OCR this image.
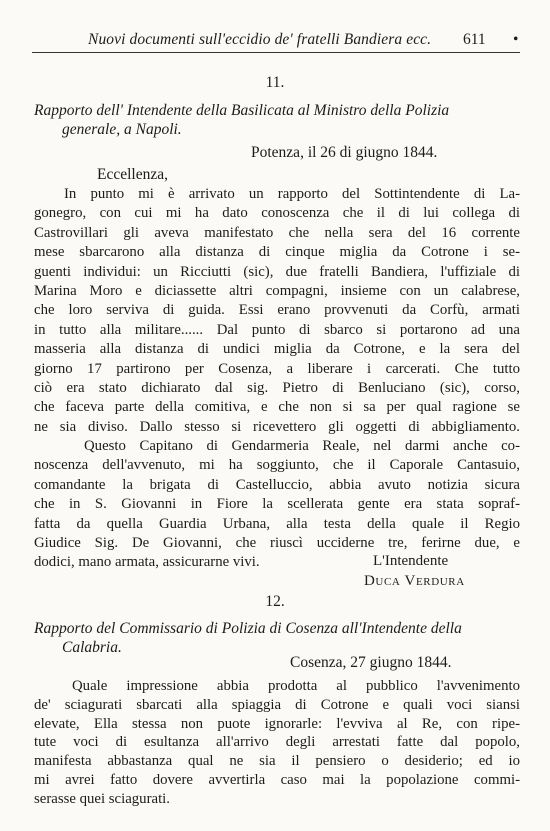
Nuovi documenti sull'eccidio de' fratelli Bandiera ecc. 611 •
11.
Rapporto dell' Intendente della Basilicata al Ministro della Polizia
generale, a Napoli.
Potenza, il 26 di giugno 1844.
Eccellenza,
In punto mi è arrivato un rapporto del Sottintendente di La-
gonegro, con cui mi ha dato conoscenza che il di lui collega di
Castrovillari gli aveva manifestato che nella sera del 16 corrente
mese sbarcarono alla distanza di cinque miglia da Cotrone i se-
guenti individui: un Ricciutti (sic), due fratelli Bandiera, l'uffiziale di
Marina Moro e diciassette altri compagni, insieme con un calabrese,
che loro serviva di guida. Essi erano provvenuti da Corfù, armati
in tutto alla militare...... Dal punto di sbarco si portarono ad una
masseria alla distanza di undici miglia da Cotrone, e la sera del
giorno 17 partirono per Cosenza, a liberare i carcerati. Che tutto
ciò era stato dichiarato dal sig. Pietro di Benluciano (sic), corso,
che faceva parte della comitiva, e che non si sa per qual ragione se
ne sia diviso. Dallo stesso si ricevettero gli oggetti di abbigliamento.
Questo Capitano di Gendarmeria Reale, nel darmi anche co-
noscenza dell'avvenuto, mi ha soggiunto, che il Caporale Cantasuio,
comandante la brigata di Castelluccio, abbia avuto notizia sicura
che in S. Giovanni in Fiore la scellerata gente era stata sopraf-
fatta da quella Guardia Urbana, alla testa della quale il Regio
Giudice Sig. De Giovanni, che riuscì ucciderne tre, ferirne due, e
dodici, mano armata, assicurarne vivi.	L'Intendente
Duca Verdura
12.
Rapporto del Commissario di Polizia di Cosenza all'Intendente della
Calabria.
Cosenza, 27 giugno 1844.
Quale impressione abbia prodotta al pubblico l'avvenimento
de' sciagurati sbarcati alla spiaggia di Cotrone e quali voci siansi
elevate, Ella stessa non puote ignorarle: l'evviva al Re, con ripe-
tute voci di esultanza all'arrivo degli arrestati fatte dal popolo,
manifesta abbastanza qual ne sia il pensiero o desiderio; ed io
mi avrei fatto dovere avvertirla caso mai la popolazione commi-
serasse quei sciagurati.
